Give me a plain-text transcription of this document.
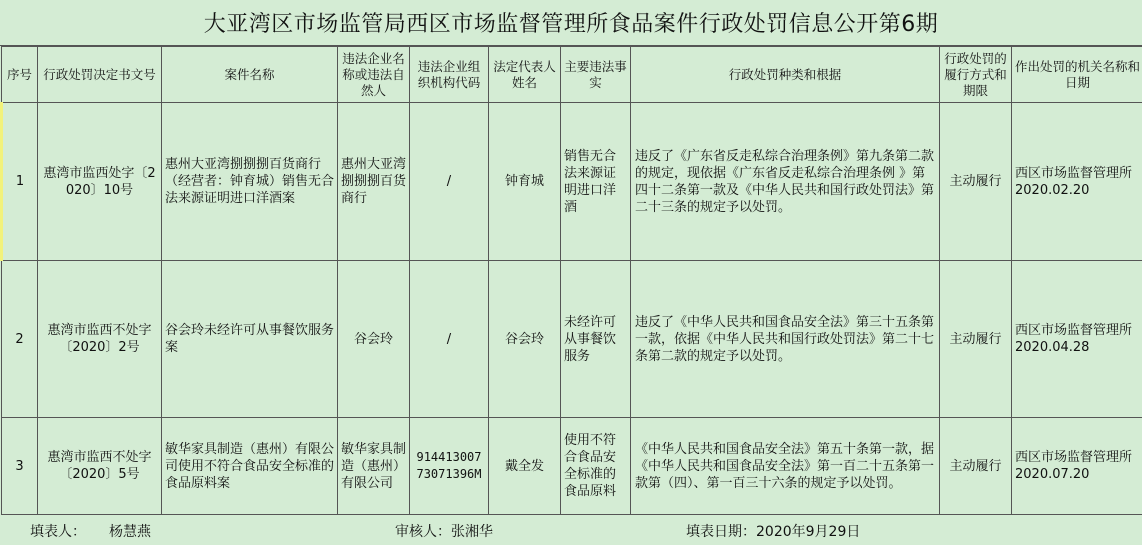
大亚湾区市场监管局西区市场监督管理所食品案件行政处罚信息公开第6期
序号	行政处罚决定书文号	案件名称	违法企业名称或违法自然人	违法企业组织机构代码	法定代表人姓名	主要违法事实	行政处罚种类和根据	行政处罚的履行方式和期限	作出处罚的机关名称和日期
1	惠湾市监西处字〔2020〕10号	惠州大亚湾捌捌捌百货商行（经营者：钟育城）销售无合法来源证明进口洋酒案	惠州大亚湾捌捌捌百货商行	/	钟育城	销售无合法来源证明进口洋酒	违反了《广东省反走私综合治理条例》第九条第二款的规定，现依据《广东省反走私综合治理条例 》第四十二条第一款及《中华人民共和国行政处罚法》第二十三条的规定予以处罚。	主动履行	西区市场监督管理所2020.02.20
2	惠湾市监西不处字〔2020〕2号	谷会玲未经许可从事餐饮服务案	谷会玲	/	谷会玲	未经许可从事餐饮服务	违反了《中华人民共和国食品安全法》第三十五条第一款，依据《中华人民共和国行政处罚法》第二十七条第二款的规定予以处罚。	主动履行	西区市场监督管理所2020.04.28
3	惠湾市监西不处字〔2020〕5号	敏华家具制造（惠州）有限公司使用不符合食品安全标准的食品原料案	敏华家具制造（惠州）有限公司	91441300773071396M	戴全发	使用不符合食品安全标准的食品原料	《中华人民共和国食品安全法》第五十条第一款，据《中华人民共和国食品安全法》第一百二十五条第一款第（四）、第一百三十六条的规定予以处罚。	主动履行	西区市场监督管理所2020.07.20
填表人： 杨慧燕	审核人：张湘华	填表日期：2020年9月29日
